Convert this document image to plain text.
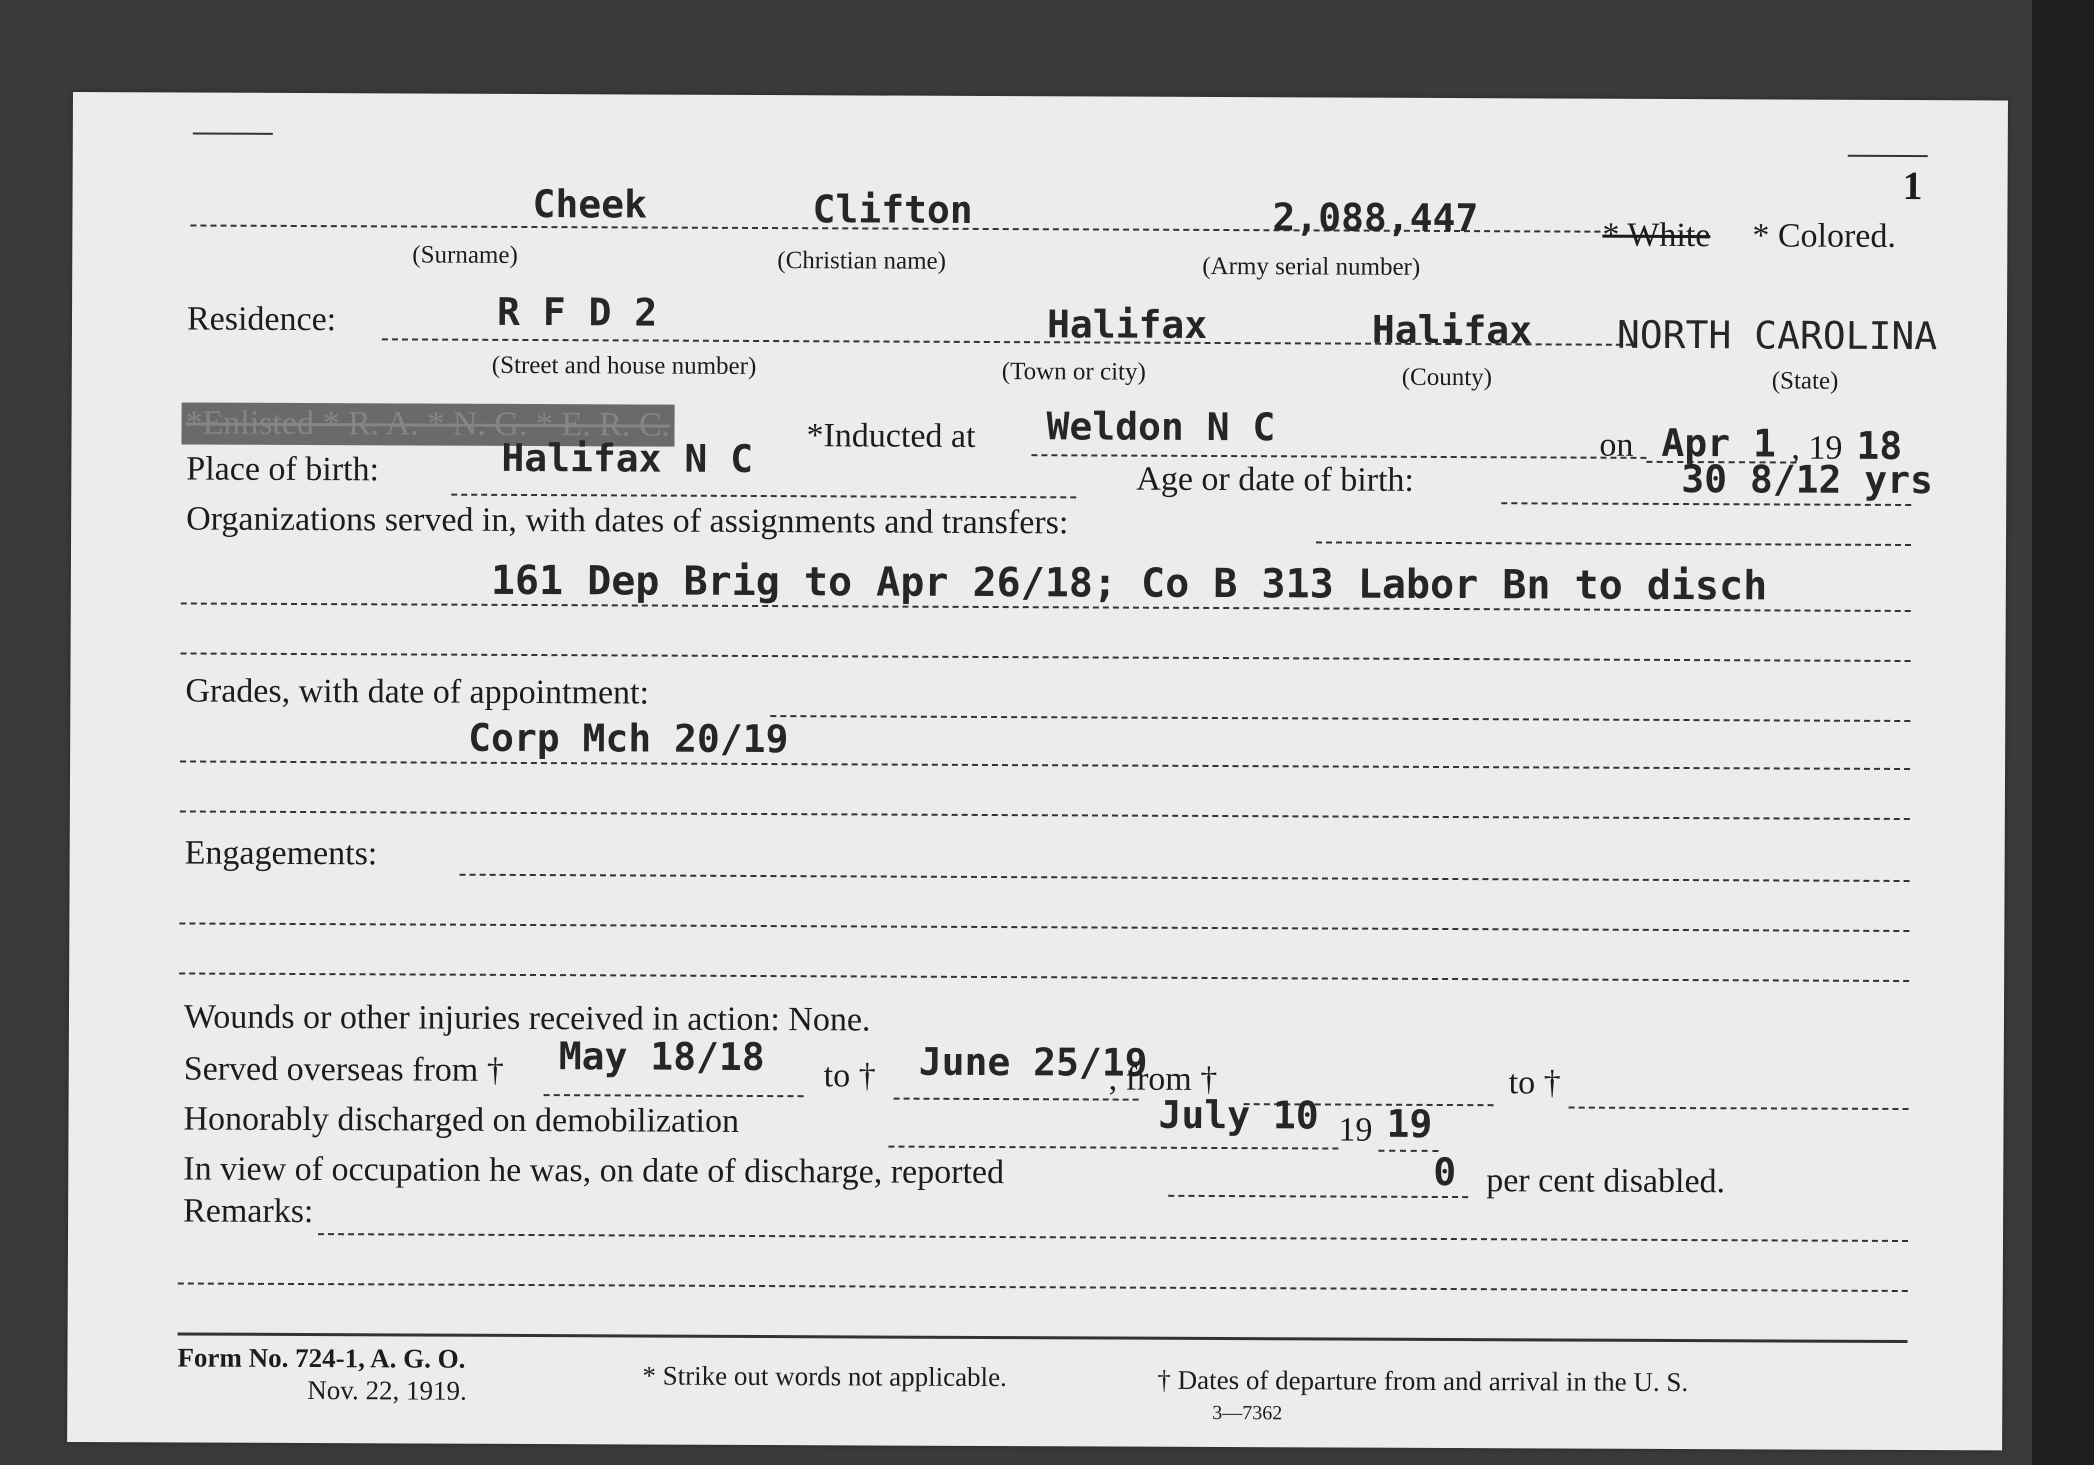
1
Cheek	Clifton	2,088,447	* White * Colored.
(Surname)	(Christian name)	(Army serial number)
Residence:	R F D 2	Halifax	Halifax NORTH CAROLINA
(Street and house number)	(Town or city)	(County)	(State)
*Enlisted * R. A. * N. G. * E. R. C.	*Inducted at Weldon N C	on Apr 1 , 19 18
Place of birth:	Halifax N C	Age or date of birth:	30 8/12 yrs
Organizations served in, with dates of assignments and transfers:
161 Dep Brig to Apr 26/18; Co B 313 Labor Bn to disch
Grades, with date of appointment:
Corp Mch 20/19
Engagements:
Wounds or other injuries received in action: None.
Served overseas from † May 18/18 to † June 25/19
, from †	to †
Honorably discharged on demobilization	July 10 19 19
In view of occupation he was, on date of discharge, reported	0 per cent disabled.
Remarks:
Form No. 724-1, A. G. O.
Nov. 22, 1919.	* Strike out words not applicable.	† Dates of departure from and arrival in the U. S.
3—7362
